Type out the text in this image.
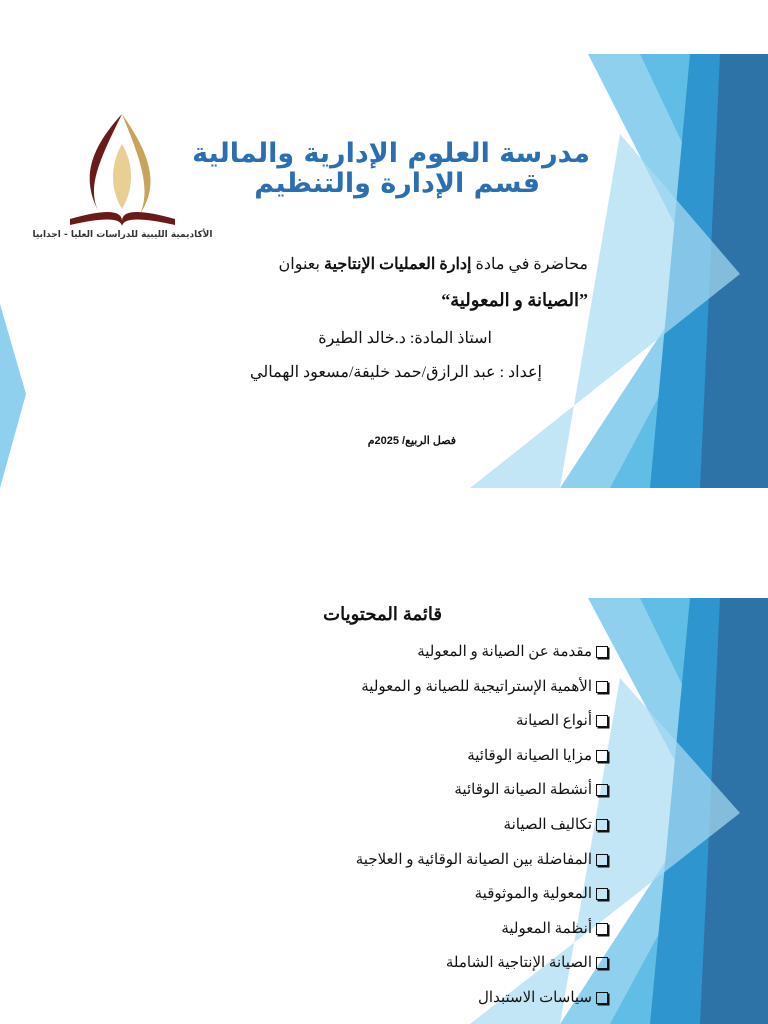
الأكاديمية الليبية للدراسات العليا - اجدابيا
مدرسة العلوم الإدارية والمالية
قسم الإدارة والتنظيم
محاضرة في مادة إدارة العمليات الإنتاجية بعنوان
”الصيانة و المعولية“
استاذ المادة: د.خالد الطيرة
إعداد : عبد الرازق/حمد خليفة/مسعود الهمالي
فصل الربيع/ 2025م
قائمة المحتويات
مقدمة عن الصيانة و المعولية
الأهمية الإستراتيجية للصيانة و المعولية
أنواع الصيانة
مزايا الصيانة الوقائية
أنشطة الصيانة الوقائية
تكاليف الصيانة
المفاضلة بين الصيانة الوقائية و العلاجية
المعولية والموثوقية
أنظمة المعولية
الصيانة الإنتاجية الشاملة
سياسات الاستبدال
